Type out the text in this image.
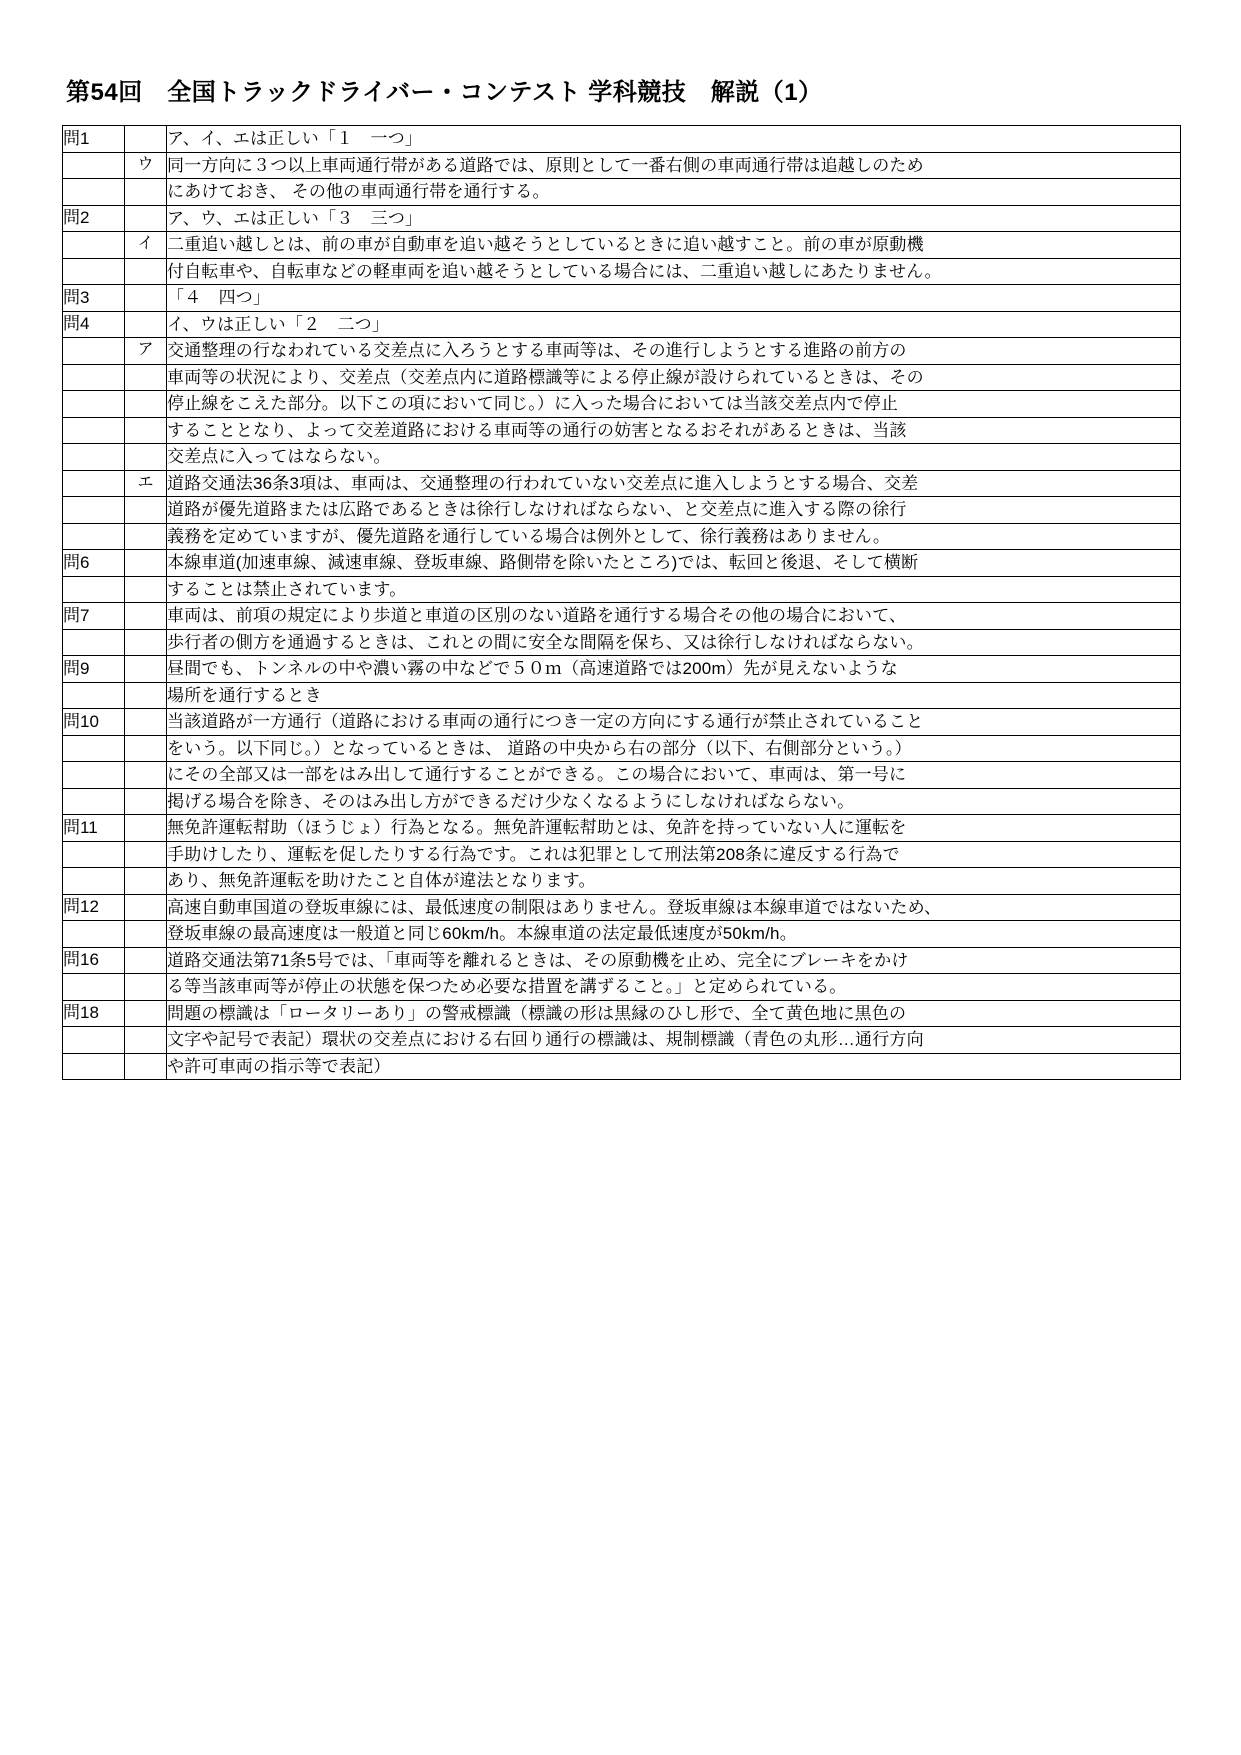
第54回　全国トラックドライバー・コンテスト 学科競技　解説（1）
問1		ア、イ、エは正しい「１　一つ」
	ウ	同一方向に３つ以上車両通行帯がある道路では、原則として一番右側の車両通行帯は追越しのため
		にあけておき、 その他の車両通行帯を通行する。
問2		ア、ウ、エは正しい「３　三つ」
	イ	二重追い越しとは、前の車が自動車を追い越そうとしているときに追い越すこと。前の車が原動機
		付自転車や、自転車などの軽車両を追い越そうとしている場合には、二重追い越しにあたりません。
問3		「４　四つ」
問4		イ、ウは正しい「２　二つ」
	ア	交通整理の行なわれている交差点に入ろうとする車両等は、その進行しようとする進路の前方の
		車両等の状況により、交差点（交差点内に道路標識等による停止線が設けられているときは、その
		停止線をこえた部分。以下この項において同じ。）に入った場合においては当該交差点内で停止
		することとなり、よって交差道路における車両等の通行の妨害となるおそれがあるときは、当該
		交差点に入ってはならない。
	エ	道路交通法36条3項は、車両は、交通整理の行われていない交差点に進入しようとする場合、交差
		道路が優先道路または広路であるときは徐行しなければならない、と交差点に進入する際の徐行
		義務を定めていますが、優先道路を通行している場合は例外として、徐行義務はありません。
問6		本線車道(加速車線、減速車線、登坂車線、路側帯を除いたところ)では、転回と後退、そして横断
		することは禁止されています。
問7		車両は、前項の規定により歩道と車道の区別のない道路を通行する場合その他の場合において、
		歩行者の側方を通過するときは、これとの間に安全な間隔を保ち、又は徐行しなければならない。
問9		昼間でも、トンネルの中や濃い霧の中などで５０ｍ（高速道路では200m）先が見えないような
		場所を通行するとき
問10		当該道路が一方通行（道路における車両の通行につき一定の方向にする通行が禁止されていること
		をいう。以下同じ。）となっているときは、 道路の中央から右の部分（以下、右側部分という。）
		にその全部又は一部をはみ出して通行することができる。この場合において、車両は、第一号に
		掲げる場合を除き、そのはみ出し方ができるだけ少なくなるようにしなければならない。
問11		無免許運転幇助（ほうじょ）行為となる。無免許運転幇助とは、免許を持っていない人に運転を
		手助けしたり、運転を促したりする行為です。これは犯罪として刑法第208条に違反する行為で
		あり、無免許運転を助けたこと自体が違法となります。
問12		高速自動車国道の登坂車線には、最低速度の制限はありません。登坂車線は本線車道ではないため、
		登坂車線の最高速度は一般道と同じ60km/h。本線車道の法定最低速度が50km/h。
問16		道路交通法第71条5号では、「車両等を離れるときは、その原動機を止め、完全にブレーキをかけ
		る等当該車両等が停止の状態を保つため必要な措置を講ずること。」と定められている。
問18		問題の標識は「ロータリーあり」の警戒標識（標識の形は黒縁のひし形で、全て黄色地に黒色の
		文字や記号で表記）環状の交差点における右回り通行の標識は、規制標識（青色の丸形…通行方向
		や許可車両の指示等で表記）
